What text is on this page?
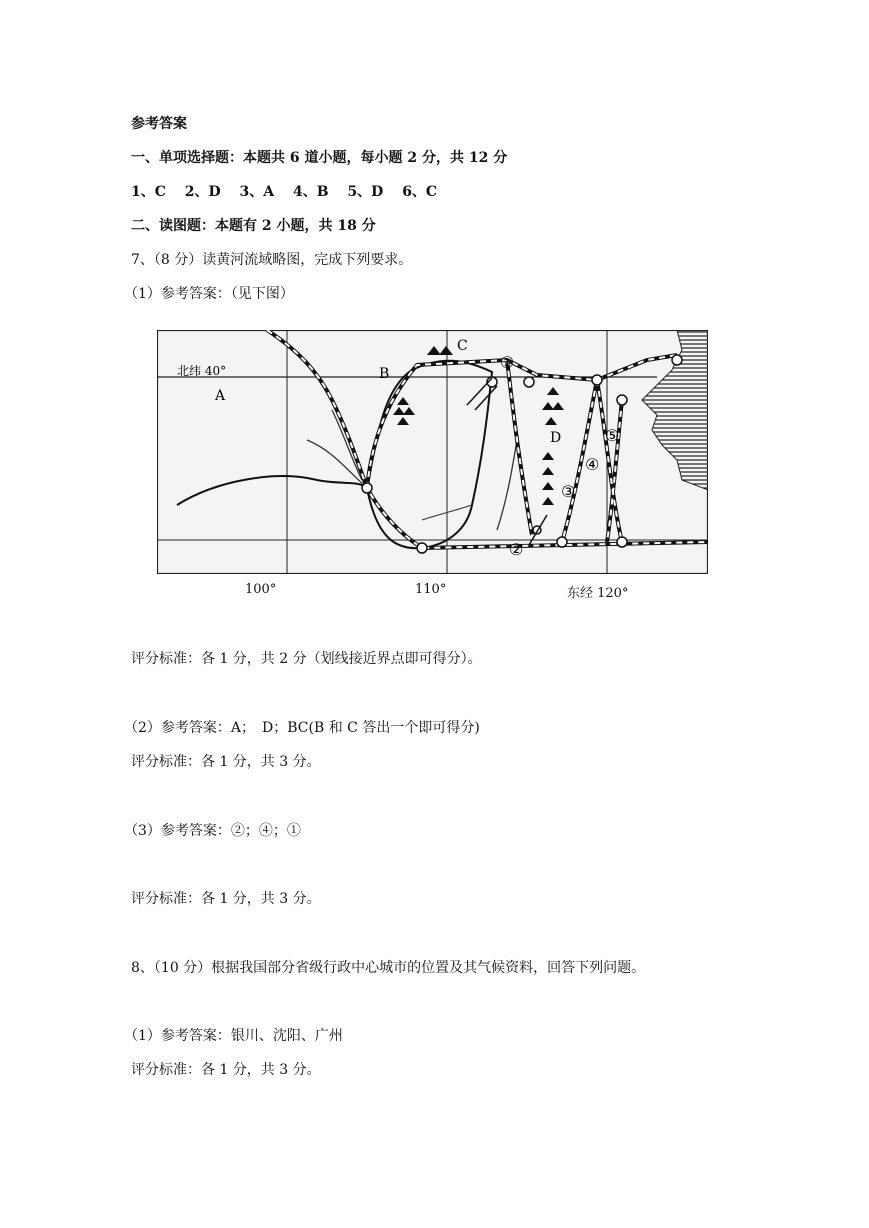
参考答案
一、单项选择题：本题共 6 道小题，每小题 2 分，共 12 分
1、C　 2、D　 3、A　 4、B　 5、D　 6、C
二、读图题：本题有 2 小题，共 18 分
7、（8 分）读黄河流域略图，完成下列要求。
（1）参考答案：（见下图）
北纬 40°
A
B
C
D
①
②
③
④
⑤
100°	110°	东经 120°
评分标准：各 1 分，共 2 分（划线接近界点即可得分）。
（2）参考答案：A；　D；BC(B 和 C 答出一个即可得分)
评分标准：各 1 分，共 3 分。
（3）参考答案：②；④；①
评分标准：各 1 分，共 3 分。
8、（10 分）根据我国部分省级行政中心城市的位置及其气候资料，回答下列问题。
（1）参考答案：银川、沈阳、广州
评分标准：各 1 分，共 3 分。
